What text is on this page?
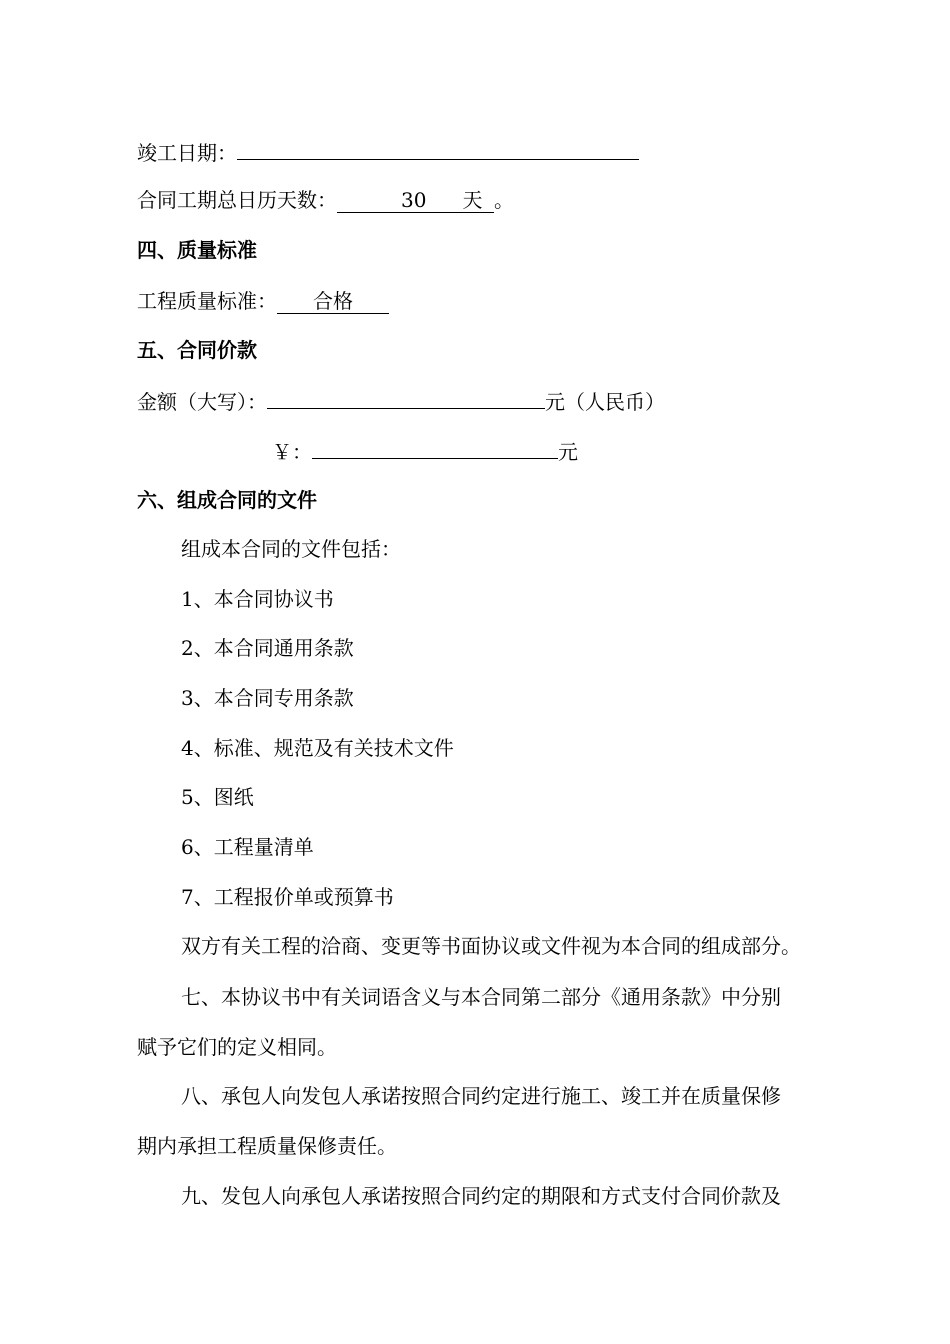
竣工日期：
合同工期总日历天数：	30 天 。
四、质量标准
工程质量标准： 合格
五、合同价款
金额（大写）：	元（人民币）
￥：	元
六、组成合同的文件
组成本合同的文件包括：
1、本合同协议书
2、本合同通用条款
3、本合同专用条款
4、标准、规范及有关技术文件
5、图纸
6、工程量清单
7、工程报价单或预算书
双方有关工程的洽商、变更等书面协议或文件视为本合同的组成部分。
七、本协议书中有关词语含义与本合同第二部分《通用条款》中分别
赋予它们的定义相同。
八、承包人向发包人承诺按照合同约定进行施工、竣工并在质量保修
期内承担工程质量保修责任。
九、发包人向承包人承诺按照合同约定的期限和方式支付合同价款及
